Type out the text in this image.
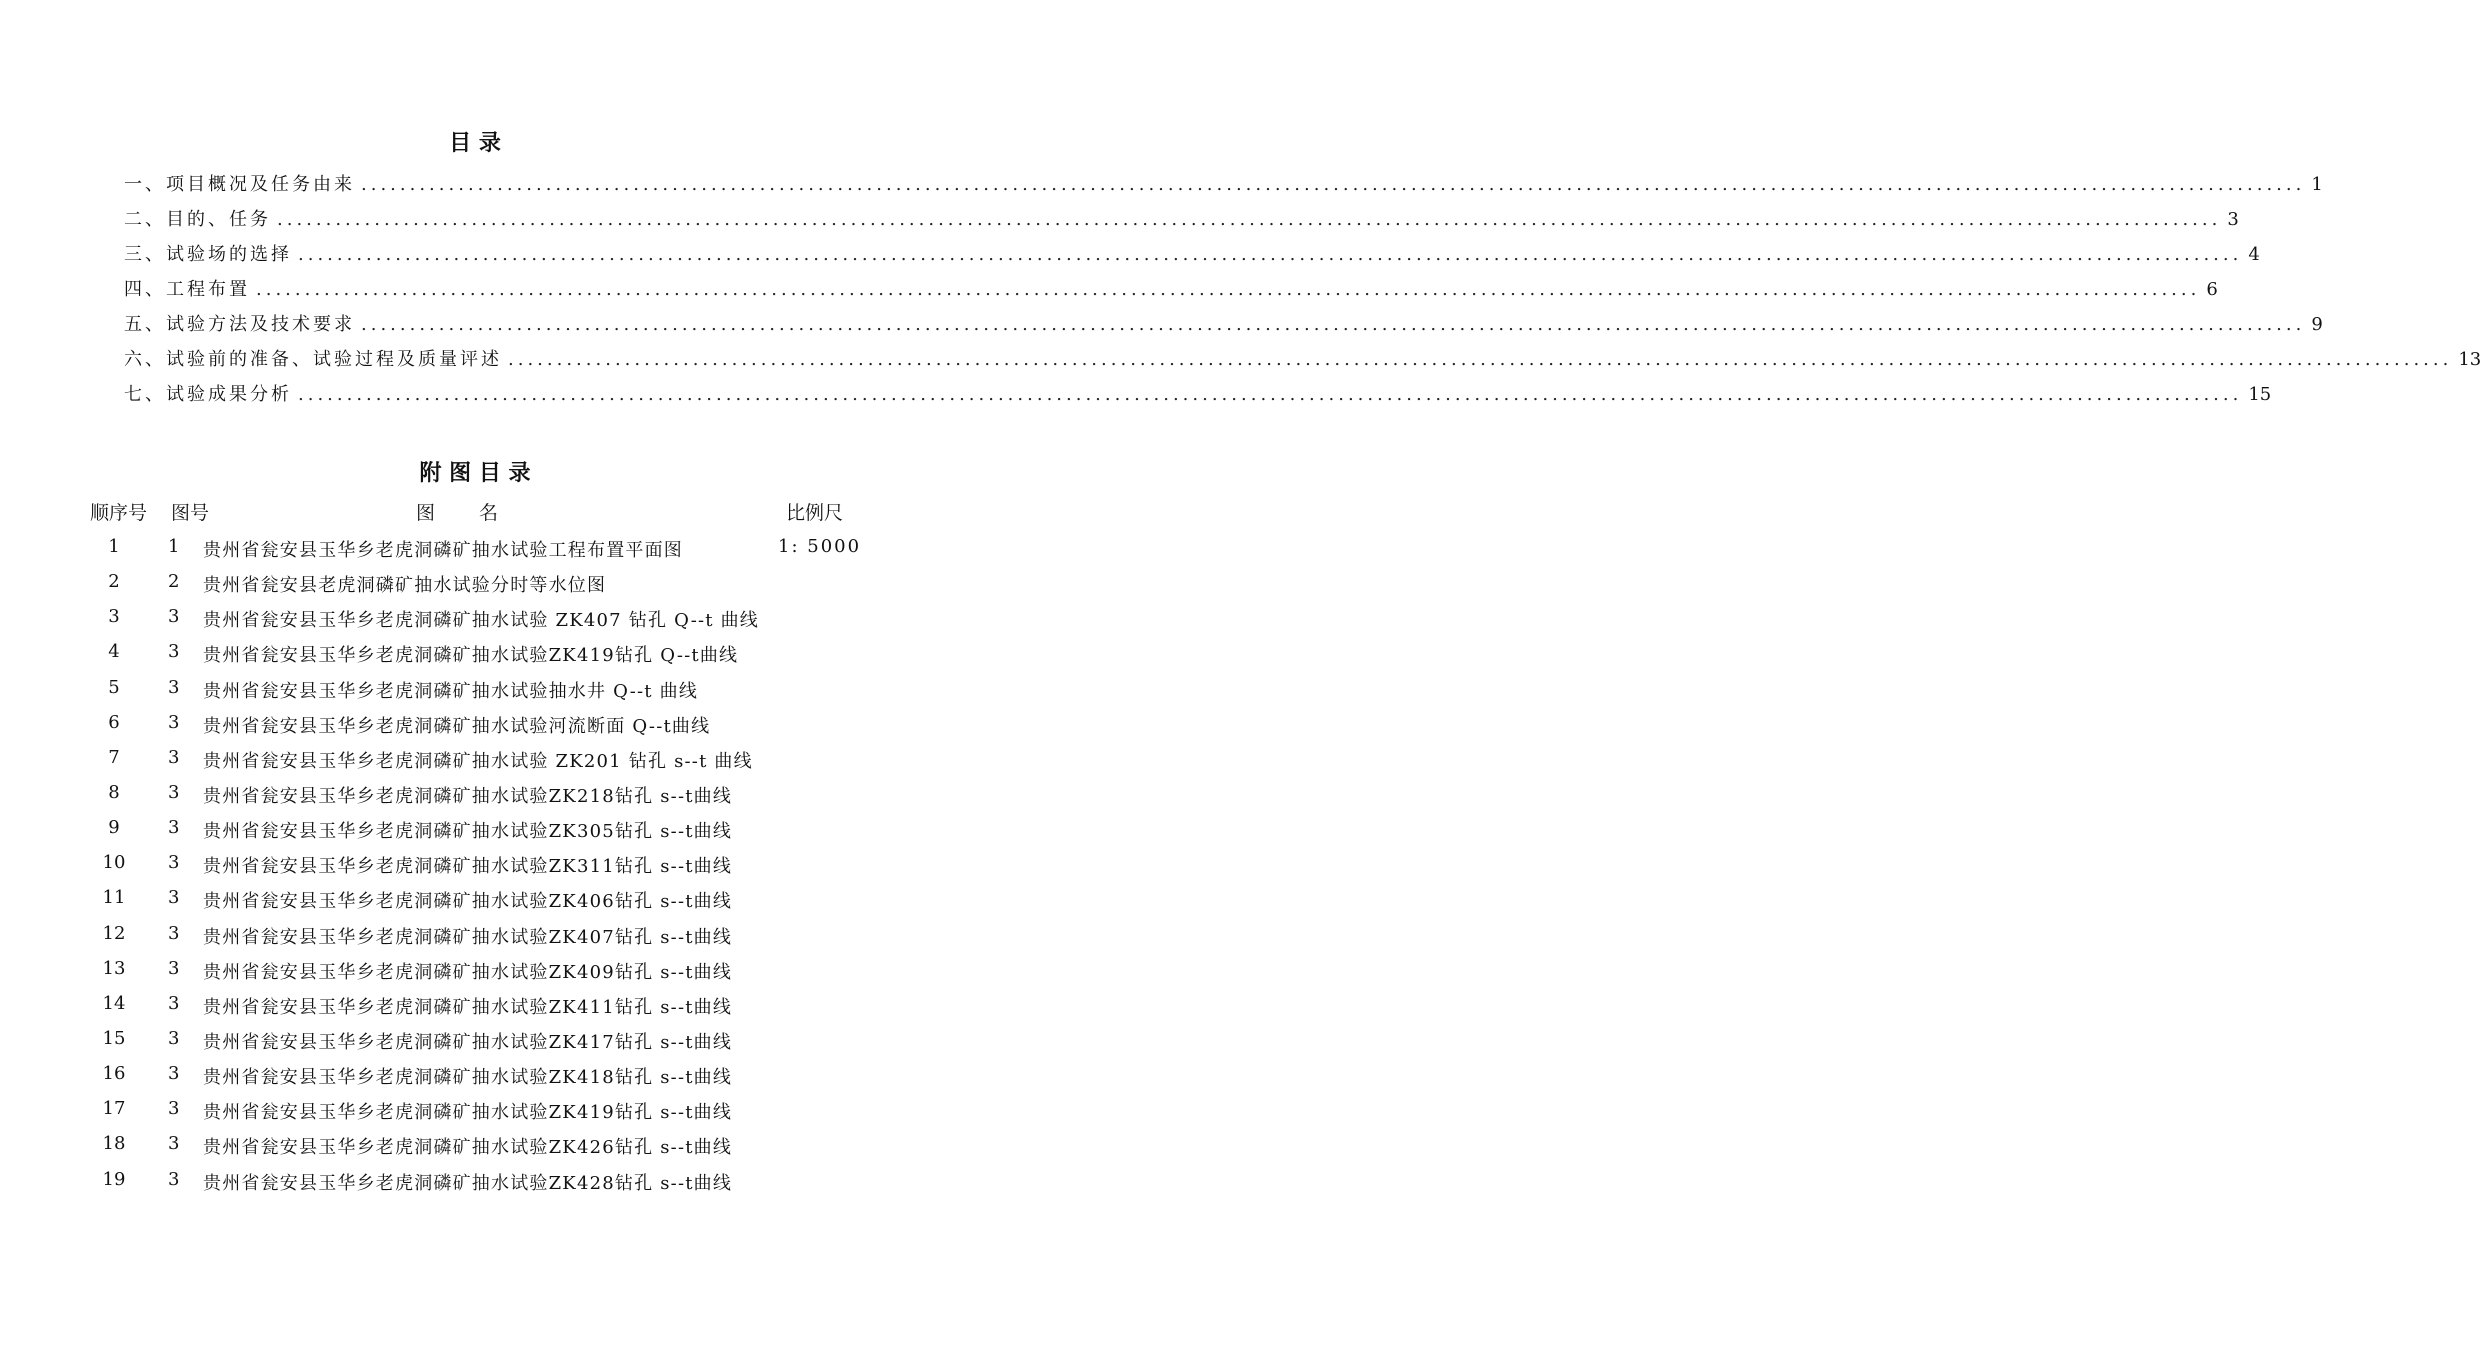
目 录
一、项目概况及任务由来 ........................................................................................................................................................................................................ 1
二、目的、任务 ........................................................................................................................................................................................................ 3
三、试验场的选择 ........................................................................................................................................................................................................ 4
四、工程布置 ........................................................................................................................................................................................................ 6
五、试验方法及技术要求 ........................................................................................................................................................................................................ 9
六、试验前的准备、试验过程及质量评述 ........................................................................................................................................................................................................ 13
七、试验成果分析 ........................................................................................................................................................................................................ 15
附 图 目 录
顺序号 图号	图名	比例尺
1	1 贵州省瓮安县玉华乡老虎洞磷矿抽水试验工程布置平面图	1: 5000
2	2 贵州省瓮安县老虎洞磷矿抽水试验分时等水位图
3	3 贵州省瓮安县玉华乡老虎洞磷矿抽水试验 ZK407 钻孔 Q--t 曲线
4	3 贵州省瓮安县玉华乡老虎洞磷矿抽水试验ZK419钻孔 Q--t曲线
5	3 贵州省瓮安县玉华乡老虎洞磷矿抽水试验抽水井 Q--t 曲线
6	3 贵州省瓮安县玉华乡老虎洞磷矿抽水试验河流断面 Q--t曲线
7	3 贵州省瓮安县玉华乡老虎洞磷矿抽水试验 ZK201 钻孔 s--t 曲线
8	3 贵州省瓮安县玉华乡老虎洞磷矿抽水试验ZK218钻孔 s--t曲线
9	3 贵州省瓮安县玉华乡老虎洞磷矿抽水试验ZK305钻孔 s--t曲线
10	3 贵州省瓮安县玉华乡老虎洞磷矿抽水试验ZK311钻孔 s--t曲线
11	3 贵州省瓮安县玉华乡老虎洞磷矿抽水试验ZK406钻孔 s--t曲线
12	3 贵州省瓮安县玉华乡老虎洞磷矿抽水试验ZK407钻孔 s--t曲线
13	3 贵州省瓮安县玉华乡老虎洞磷矿抽水试验ZK409钻孔 s--t曲线
14	3 贵州省瓮安县玉华乡老虎洞磷矿抽水试验ZK411钻孔 s--t曲线
15	3 贵州省瓮安县玉华乡老虎洞磷矿抽水试验ZK417钻孔 s--t曲线
16	3 贵州省瓮安县玉华乡老虎洞磷矿抽水试验ZK418钻孔 s--t曲线
17	3 贵州省瓮安县玉华乡老虎洞磷矿抽水试验ZK419钻孔 s--t曲线
18	3 贵州省瓮安县玉华乡老虎洞磷矿抽水试验ZK426钻孔 s--t曲线
19	3 贵州省瓮安县玉华乡老虎洞磷矿抽水试验ZK428钻孔 s--t曲线
